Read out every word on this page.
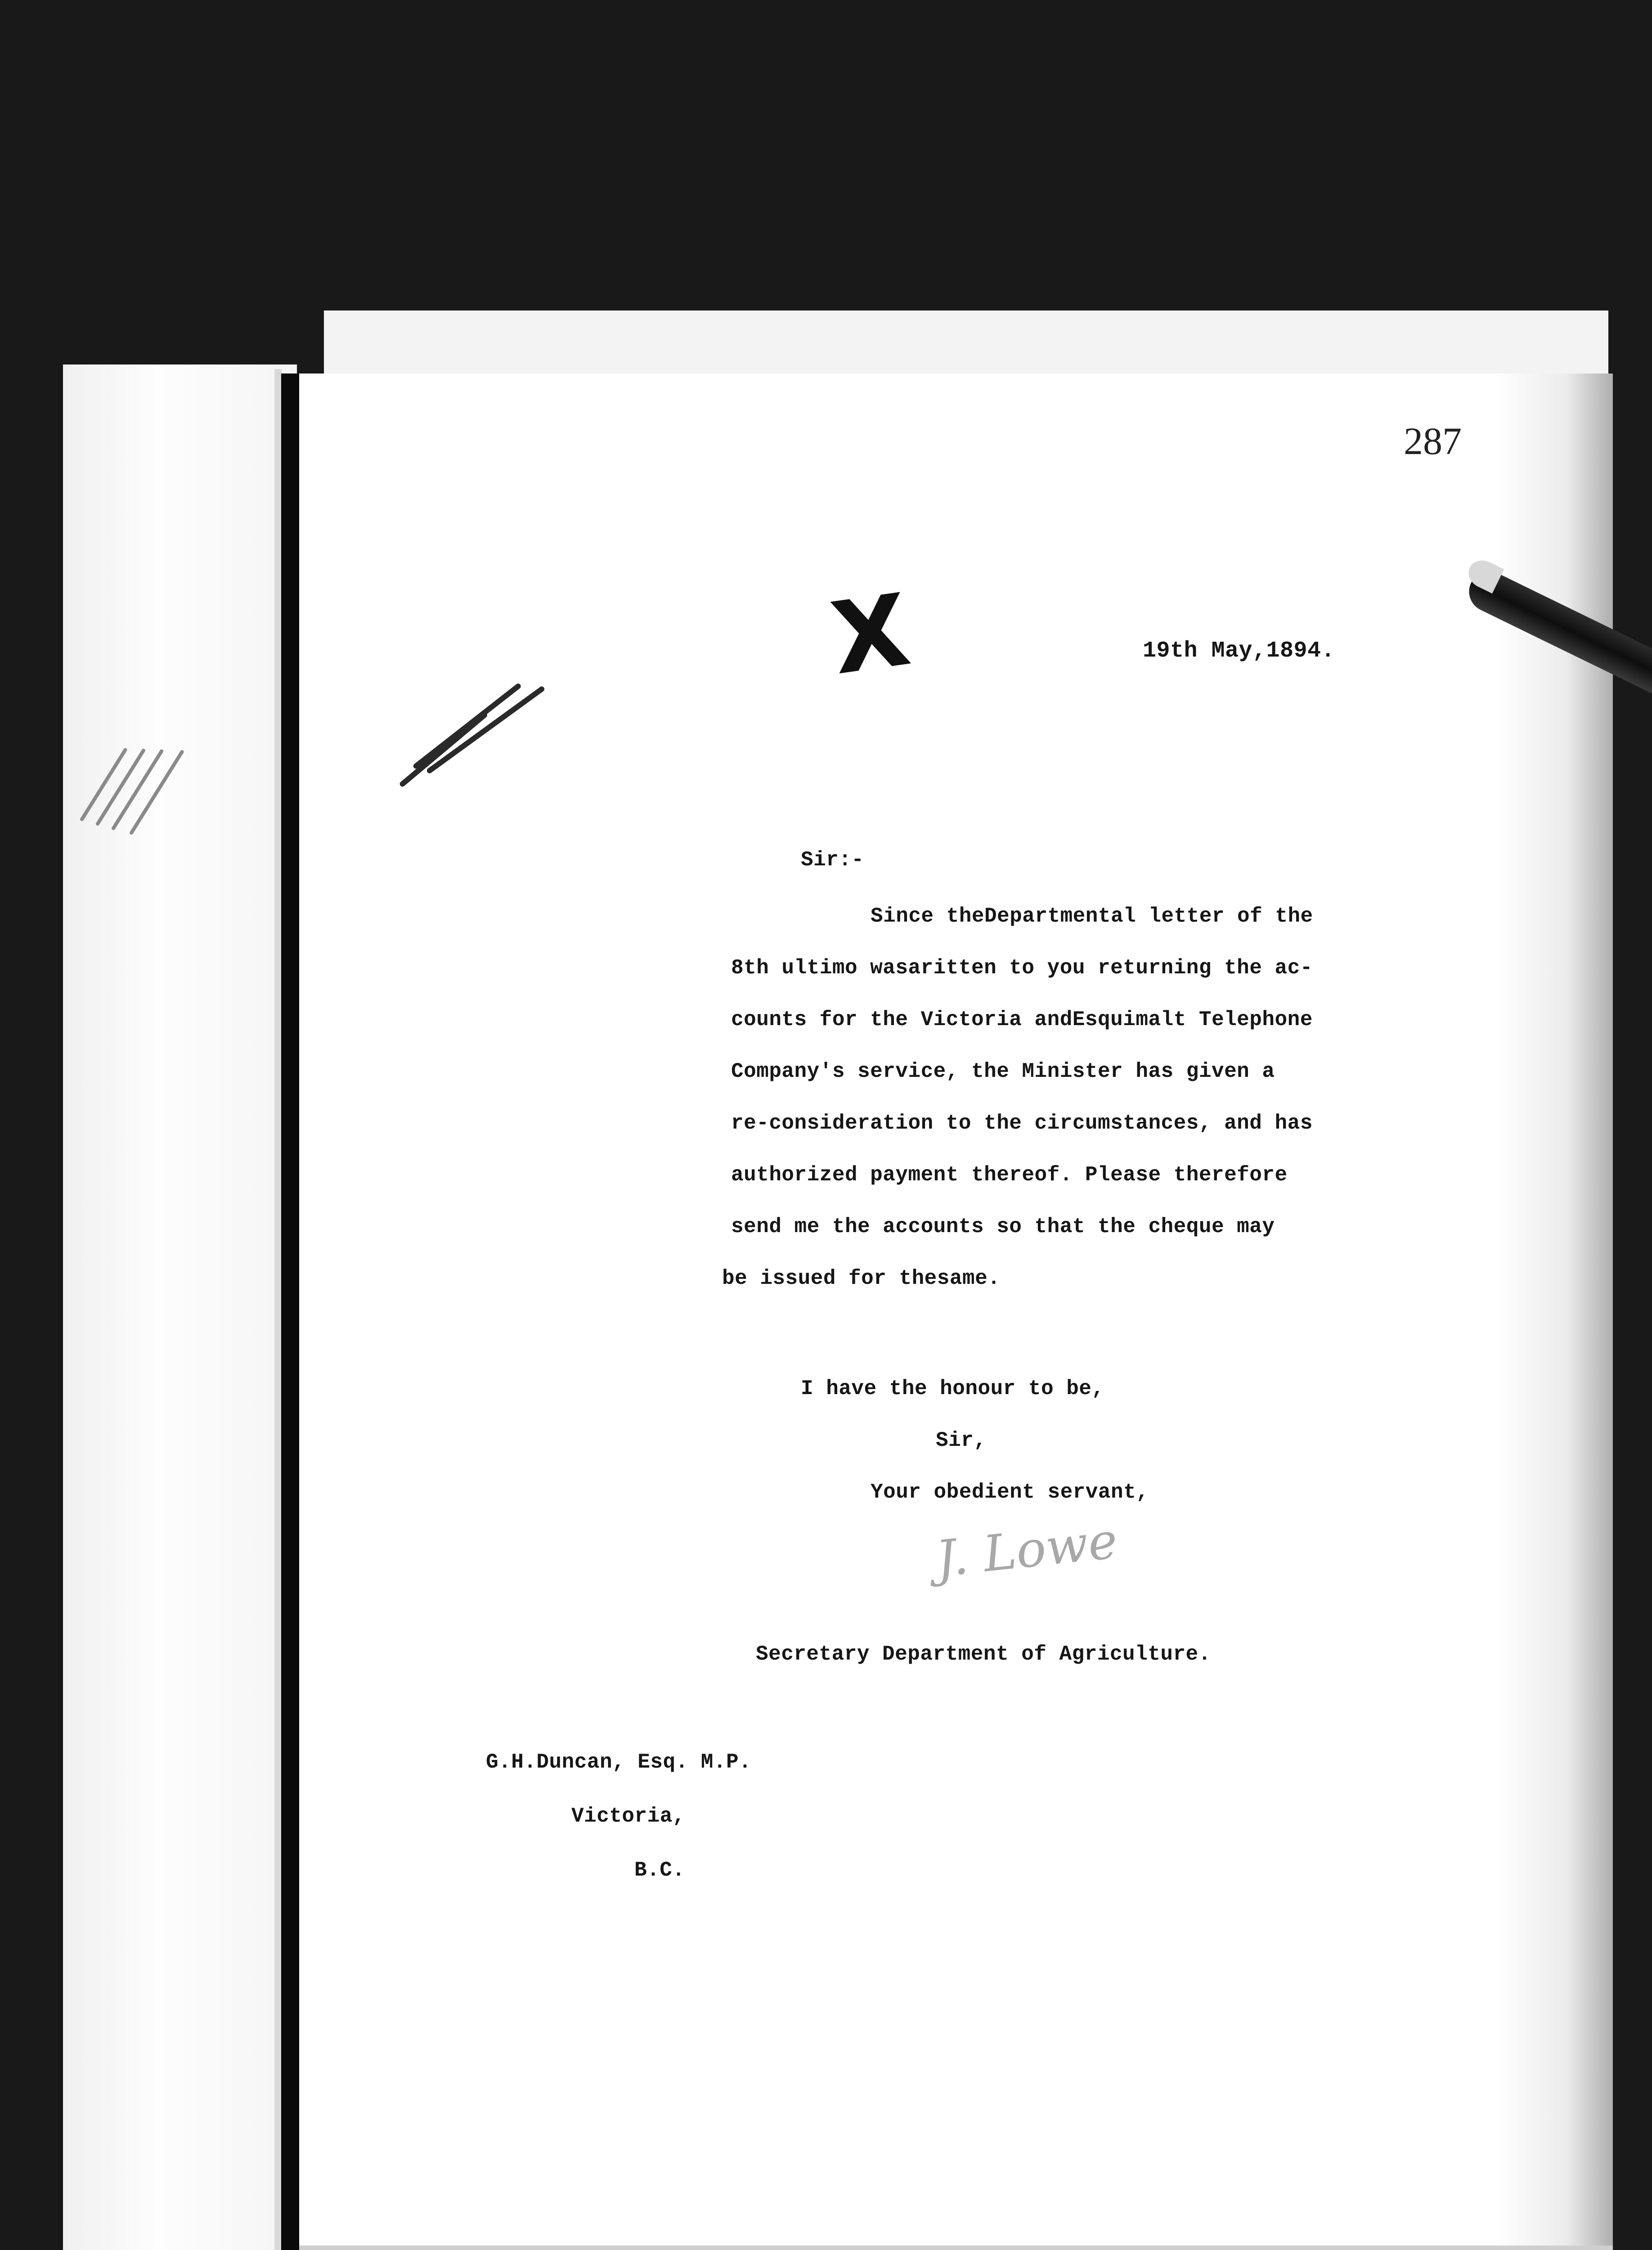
287
X	19th May,1894.
Sir:-
Since theDepartmental letter of the
8th ultimo wasaritten to you returning the ac-
counts for the Victoria andEsquimalt Telephone
Company's service, the Minister has given a
re-consideration to the circumstances, and has
authorized payment thereof. Please therefore
send me the accounts so that the cheque may
be issued for thesame.
I have the honour to be,
Sir,
Your obedient servant,
J. Lowe
Secretary Department of Agriculture.
G.H.Duncan, Esq. M.P.
Victoria,
B.C.
